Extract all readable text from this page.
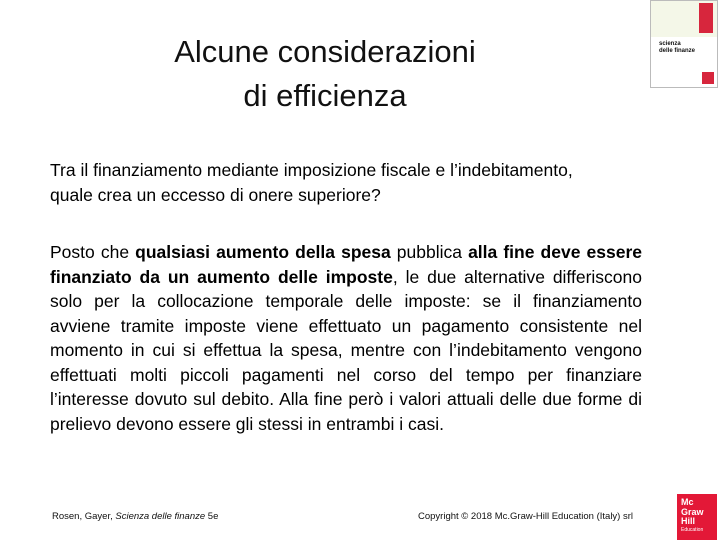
Alcune considerazioni
di efficienza
Tra il finanziamento mediante imposizione fiscale e l’indebitamento,
quale crea un eccesso di onere superiore?
Posto che qualsiasi aumento della spesa pubblica alla fine deve essere finanziato da un aumento delle imposte, le due alternative differiscono solo per la collocazione temporale delle imposte: se il finanziamento avviene tramite imposte viene effettuato un pagamento consistente nel momento in cui si effettua la spesa, mentre con l’indebitamento vengono effettuati molti piccoli pagamenti nel corso del tempo per finanziare l’interesse dovuto sul debito. Alla fine però i valori attuali delle due forme di prelievo devono essere gli stessi in entrambi i casi.
Rosen, Gayer, Scienza delle finanze 5e	Copyright © 2018 Mc.Graw-Hill Education (Italy) srl
scienza
delle finanze
Mc
Graw
Hill
Education
